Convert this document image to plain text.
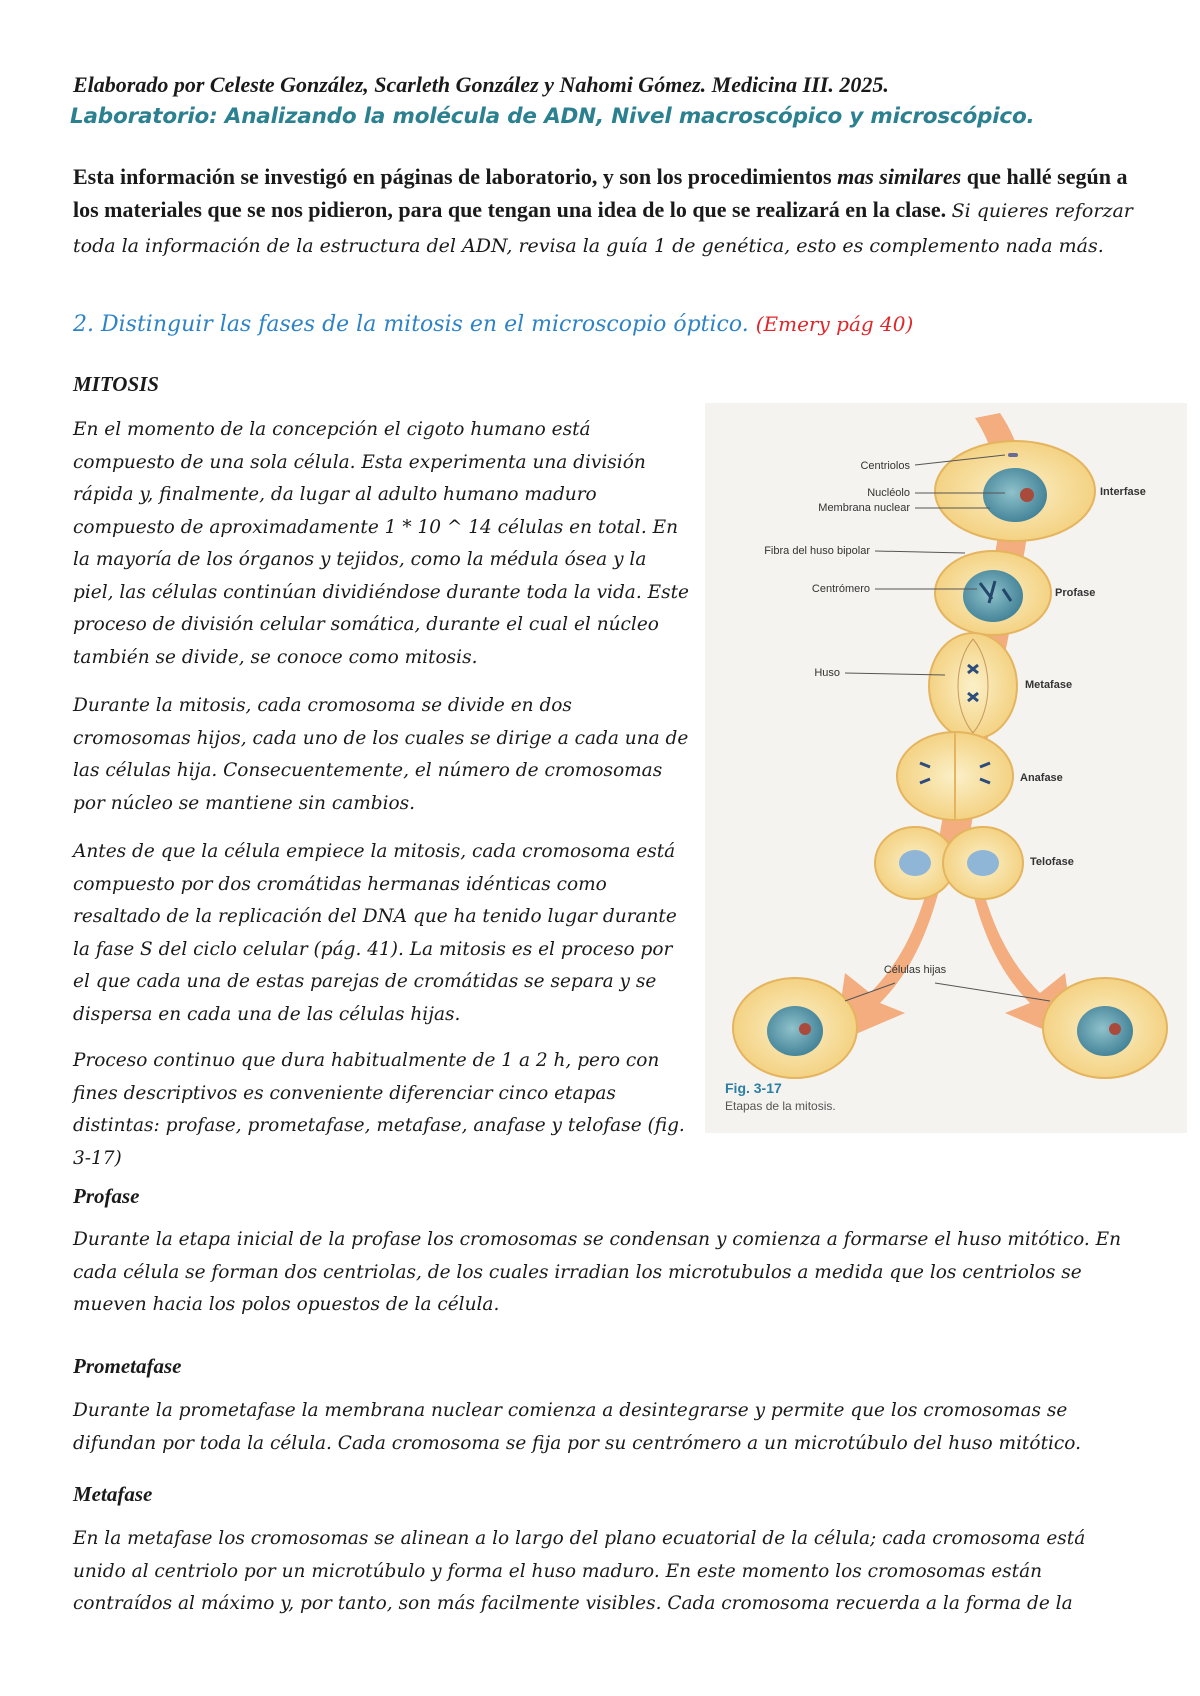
Elaborado por Celeste González, Scarleth González y Nahomi Gómez. Medicina III. 2025.
Laboratorio: Analizando la molécula de ADN, Nivel macroscópico y microscópico.
Esta información se investigó en páginas de laboratorio, y son los procedimientos mas similares que hallé según a los materiales que se nos pidieron, para que tengan una idea de lo que se realizará en la clase. Si quieres reforzar toda la información de la estructura del ADN, revisa la guía 1 de genética, esto es complemento nada más.
2. Distinguir las fases de la mitosis en el microscopio óptico. (Emery pág 40)
MITOSIS
En el momento de la concepción el cigoto humano está compuesto de una sola célula. Esta experimenta una división rápida y, finalmente, da lugar al adulto humano maduro compuesto de aproximadamente 1 * 10 ^ 14 células en total. En la mayoría de los órganos y tejidos, como la médula ósea y la piel, las células continúan dividiéndose durante toda la vida. Este proceso de división celular somática, durante el cual el núcleo también se divide, se conoce como mitosis.
Durante la mitosis, cada cromosoma se divide en dos cromosomas hijos, cada uno de los cuales se dirige a cada una de las células hija. Consecuentemente, el número de cromosomas por núcleo se mantiene sin cambios.
Antes de que la célula empiece la mitosis, cada cromosoma está compuesto por dos cromátidas hermanas idénticas como resaltado de la replicación del DNA que ha tenido lugar durante la fase S del ciclo celular (pág. 41). La mitosis es el proceso por el que cada una de estas parejas de cromátidas se separa y se dispersa en cada una de las células hijas.
Proceso continuo que dura habitualmente de 1 a 2 h, pero con fines descriptivos es conveniente diferenciar cinco etapas distintas: profase, prometafase, metafase, anafase y telofase (fig. 3-17)
Centriolos
Nucléolo
Membrana nuclear
Fibra del huso bipolar
Centrómero
Huso
Células hijas
Interfase
Profase
Metafase
Anafase
Telofase
Fig. 3-17
Etapas de la mitosis.
Profase
Durante la etapa inicial de la profase los cromosomas se condensan y comienza a formarse el huso mitótico. En cada célula se forman dos centriolas, de los cuales irradian los microtubulos a medida que los centriolos se mueven hacia los polos opuestos de la célula.
Prometafase
Durante la prometafase la membrana nuclear comienza a desintegrarse y permite que los cromosomas se difundan por toda la célula. Cada cromosoma se fija por su centrómero a un microtúbulo del huso mitótico.
Metafase
En la metafase los cromosomas se alinean a lo largo del plano ecuatorial de la célula; cada cromosoma está unido al centriolo por un microtúbulo y forma el huso maduro. En este momento los cromosomas están contraídos al máximo y, por tanto, son más facilmente visibles. Cada cromosoma recuerda a la forma de la
